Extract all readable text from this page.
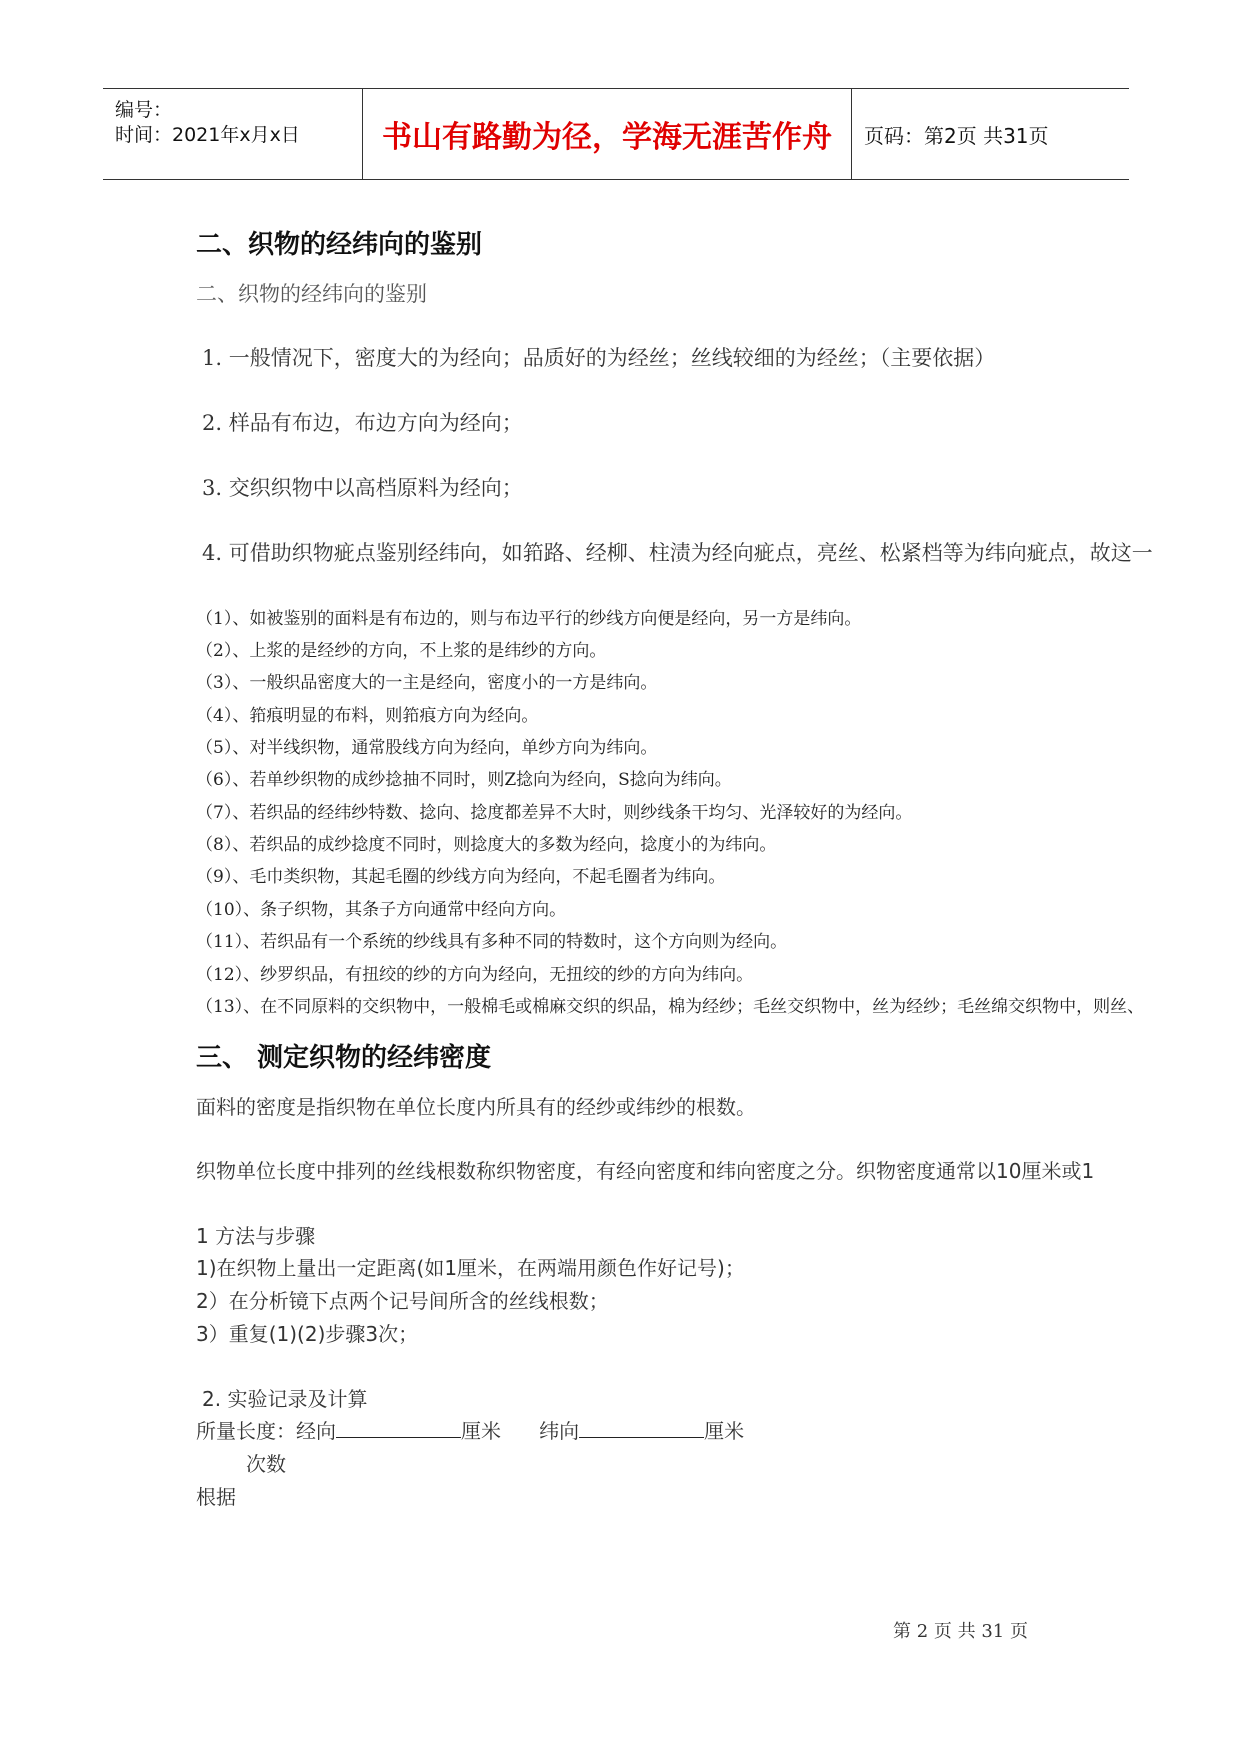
编号：
时间：2021年x月x日	书山有路勤为径，学海无涯苦作舟	页码：第2页 共31页
二、织物的经纬向的鉴别
二、织物的经纬向的鉴别
1. 一般情况下，密度大的为经向；品质好的为经丝；丝线较细的为经丝；（主要依据）
2. 样品有布边，布边方向为经向；
3. 交织织物中以高档原料为经向；
4. 可借助织物疵点鉴别经纬向，如筘路、经柳、柱渍为经向疵点，亮丝、松紧档等为纬向疵点，故这一
（1）、如被鉴别的面料是有布边的，则与布边平行的纱线方向便是经向，另一方是纬向。
（2）、上浆的是经纱的方向，不上浆的是纬纱的方向。
（3）、一般织品密度大的一主是经向，密度小的一方是纬向。
（4）、筘痕明显的布料，则筘痕方向为经向。
（5）、对半线织物，通常股线方向为经向，单纱方向为纬向。
（6）、若单纱织物的成纱捻抽不同时，则Z捻向为经向，S捻向为纬向。
（7）、若织品的经纬纱特数、捻向、捻度都差异不大时，则纱线条干均匀、光泽较好的为经向。
（8）、若织品的成纱捻度不同时，则捻度大的多数为经向，捻度小的为纬向。
（9）、毛巾类织物，其起毛圈的纱线方向为经向，不起毛圈者为纬向。
（10）、条子织物，其条子方向通常中经向方向。
（11）、若织品有一个系统的纱线具有多种不同的特数时，这个方向则为经向。
（12）、纱罗织品，有扭绞的纱的方向为经向，无扭绞的纱的方向为纬向。
（13）、在不同原料的交织物中，一般棉毛或棉麻交织的织品，棉为经纱；毛丝交织物中，丝为经纱；毛丝绵交织物中，则丝、
三、 测定织物的经纬密度
面料的密度是指织物在单位长度内所具有的经纱或纬纱的根数。
织物单位长度中排列的丝线根数称织物密度，有经向密度和纬向密度之分。织物密度通常以10厘米或1
1 方法与步骤
1)在织物上量出一定距离(如1厘米，在两端用颜色作好记号)；
2）在分析镜下点两个记号间所含的丝线根数；
3）重复(1)(2)步骤3次；
2. 实验记录及计算
所量长度：经向	厘米 纬向	厘米
次数
根据
第 2 页 共 31 页
